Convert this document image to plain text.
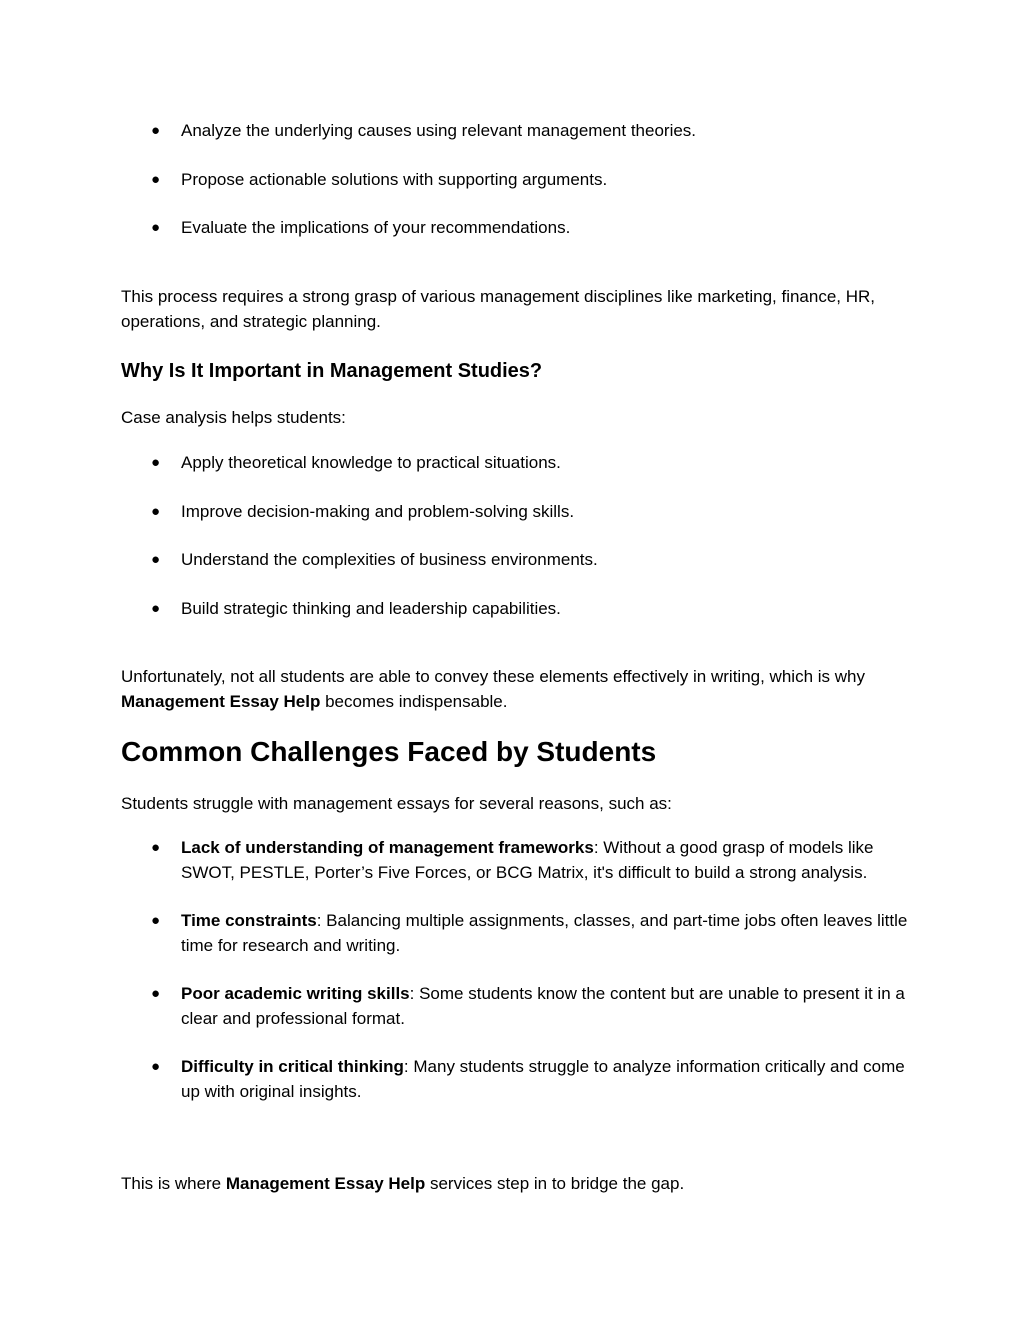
● Analyze the underlying causes using relevant management theories.
● Propose actionable solutions with supporting arguments.
● Evaluate the implications of your recommendations.

This process requires a strong grasp of various management disciplines like marketing, finance, HR, operations, and strategic planning.

Why Is It Important in Management Studies?

Case analysis helps students:

● Apply theoretical knowledge to practical situations.
● Improve decision-making and problem-solving skills.
● Understand the complexities of business environments.
● Build strategic thinking and leadership capabilities.

Unfortunately, not all students are able to convey these elements effectively in writing, which is why Management Essay Help becomes indispensable.

Common Challenges Faced by Students

Students struggle with management essays for several reasons, such as:

● Lack of understanding of management frameworks: Without a good grasp of models like SWOT, PESTLE, Porter’s Five Forces, or BCG Matrix, it's difficult to build a strong analysis.
● Time constraints: Balancing multiple assignments, classes, and part-time jobs often leaves little time for research and writing.
● Poor academic writing skills: Some students know the content but are unable to present it in a clear and professional format.
● Difficulty in critical thinking: Many students struggle to analyze information critically and come up with original insights.

This is where Management Essay Help services step in to bridge the gap.
